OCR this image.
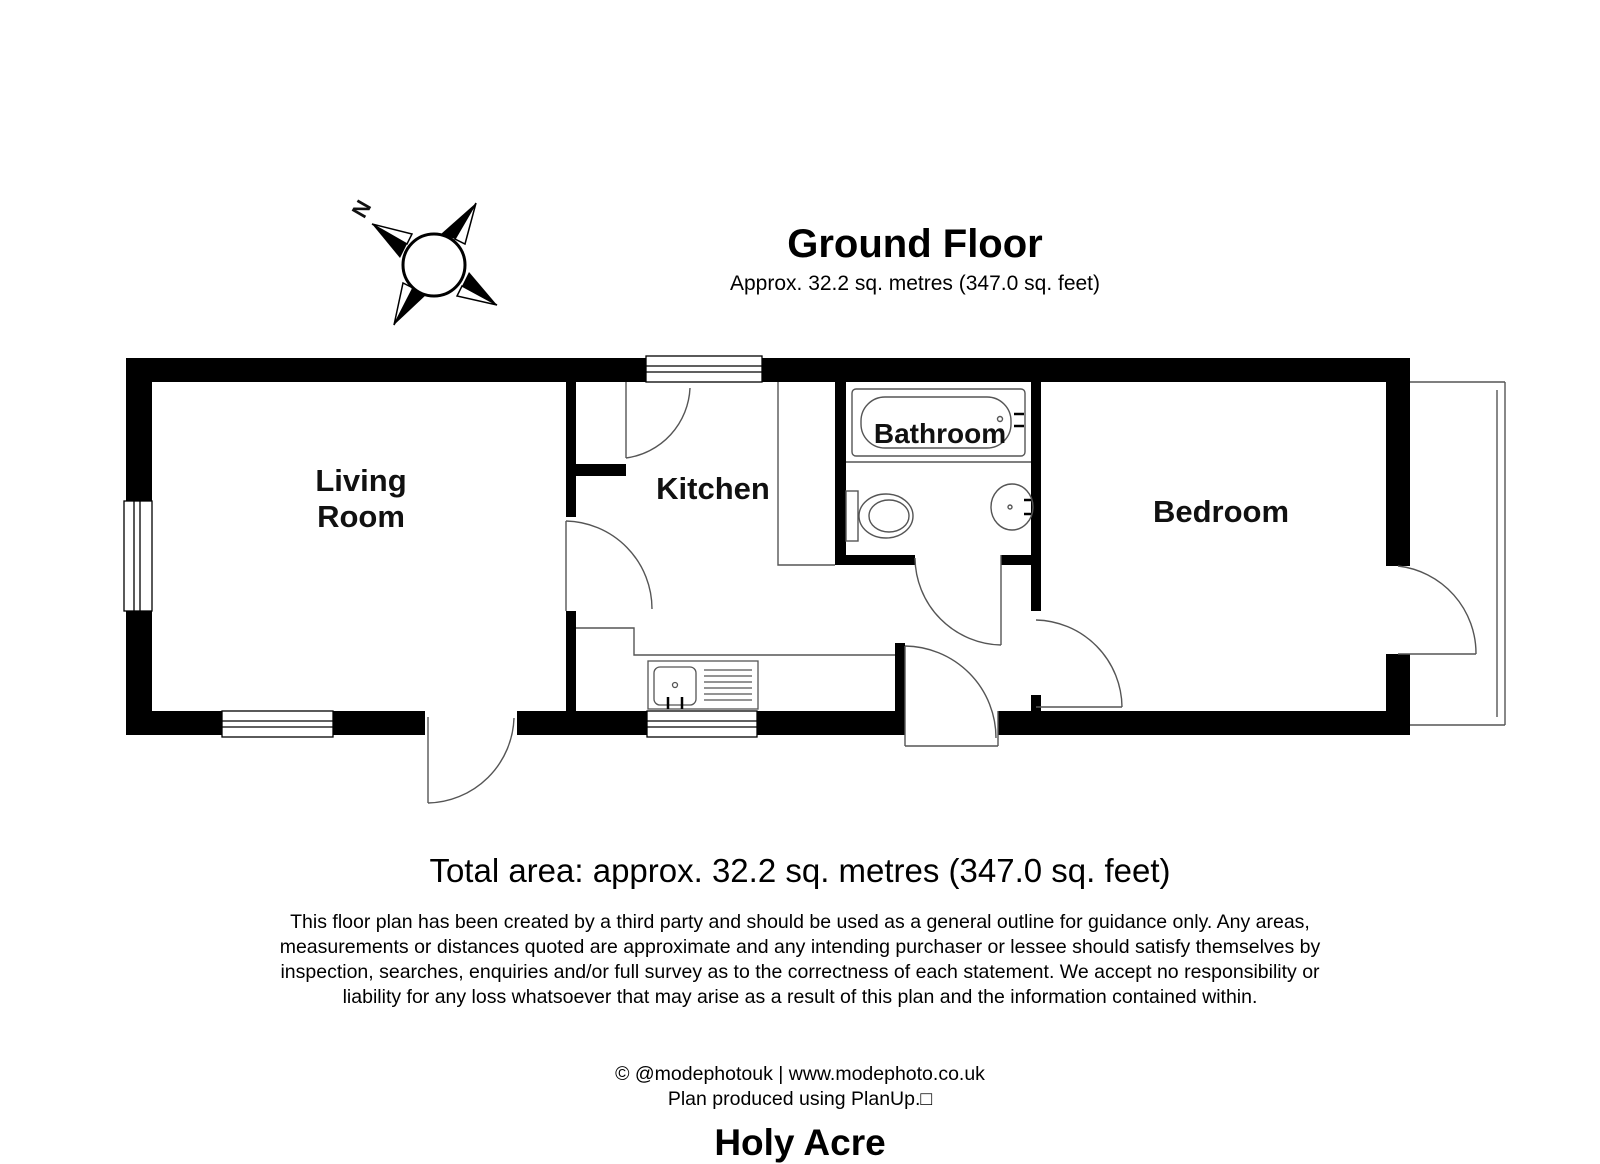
N
Living
Room
Kitchen
Bathroom
Bedroom
Ground Floor
Approx. 32.2 sq. metres (347.0 sq. feet)
Total area: approx. 32.2 sq. metres (347.0 sq. feet)
This floor plan has been created by a third party and should be used as a general outline for guidance only. Any areas, measurements or distances quoted are approximate and any intending purchaser or lessee should satisfy themselves by inspection, searches, enquiries and/or full survey as to the correctness of each statement. We accept no responsibility or liability for any loss whatsoever that may arise as a result of this plan and the information contained within.
© @modephotouk | www.modephoto.co.uk
Plan produced using PlanUp.□
Holy Acre
